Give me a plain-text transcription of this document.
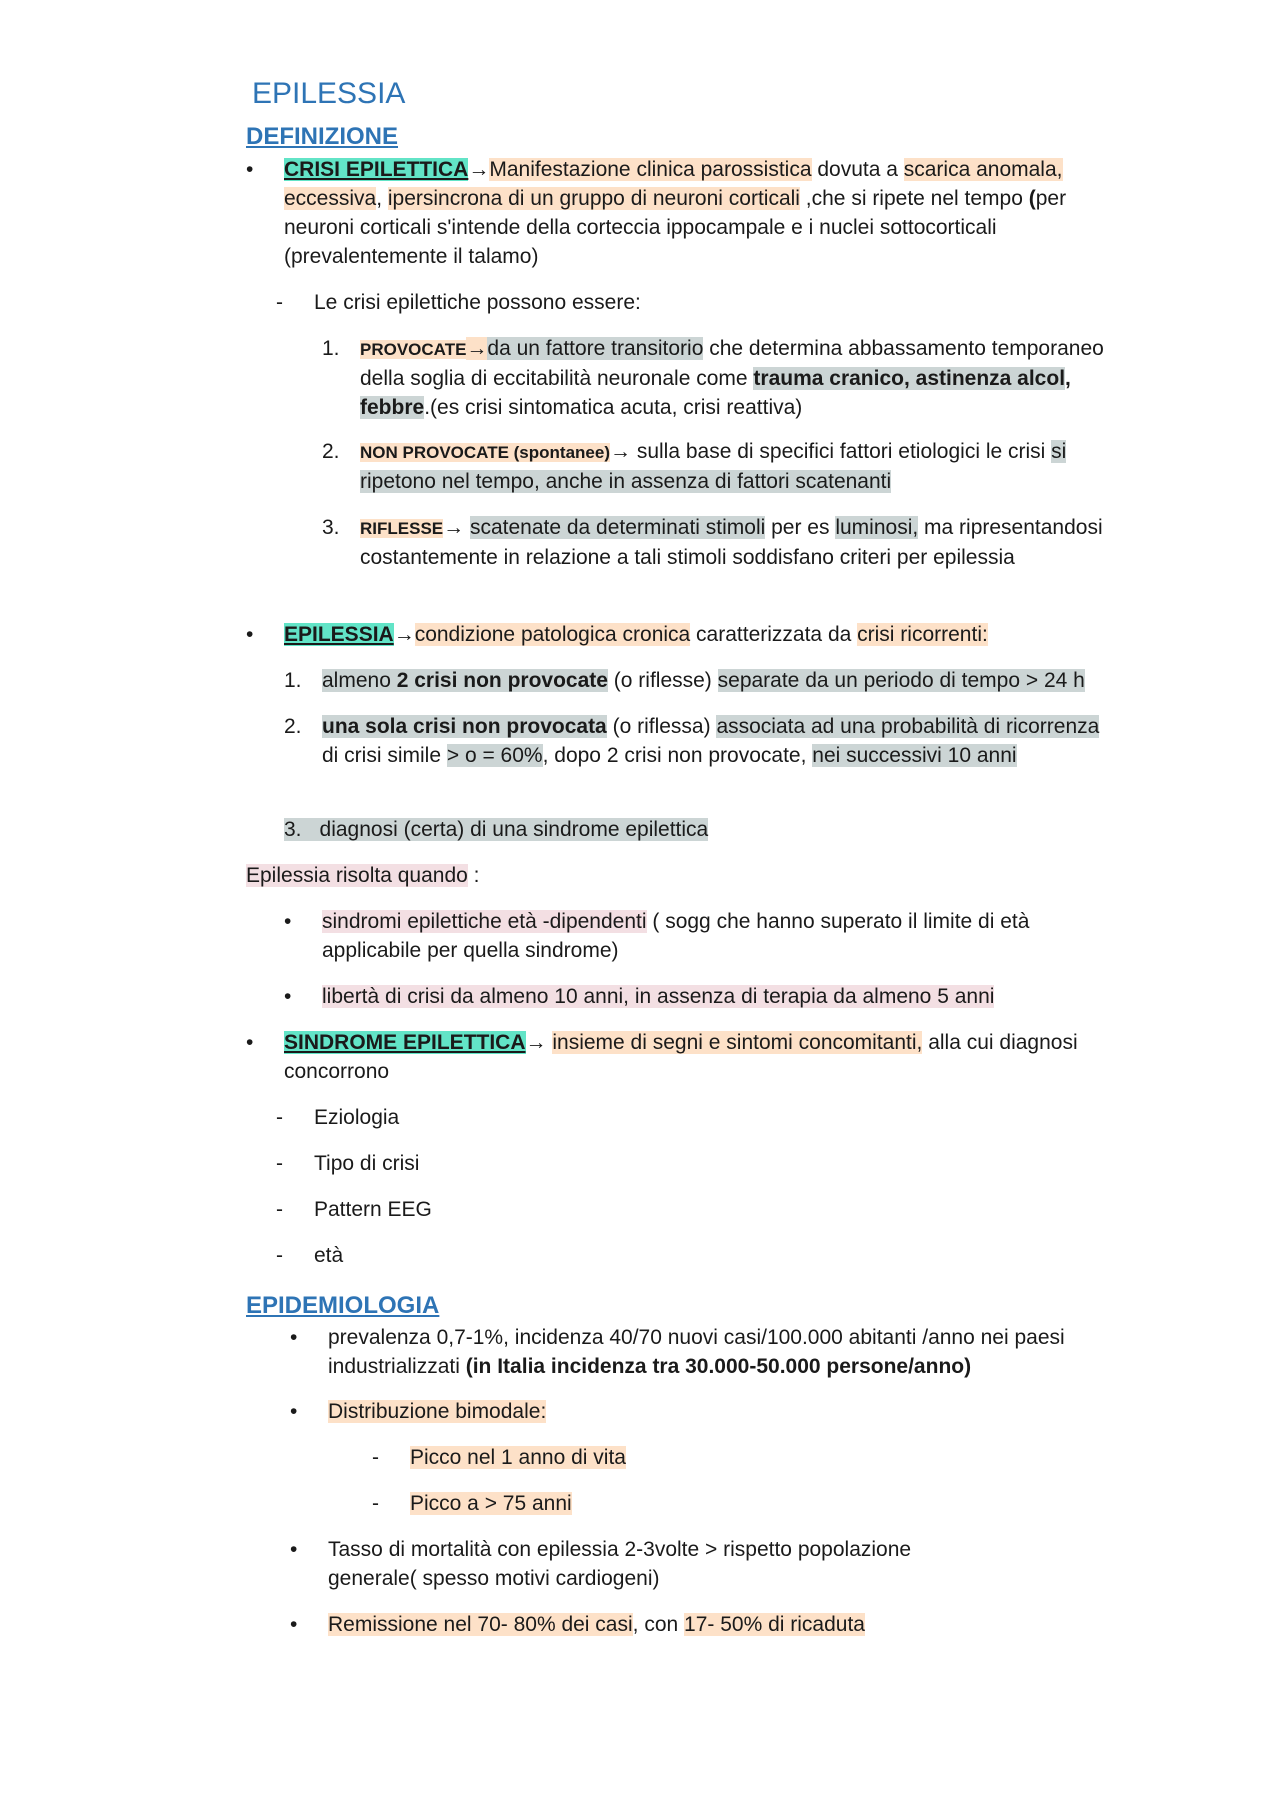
EPILESSIA
DEFINIZIONE
• CRISI EPILETTICA→Manifestazione clinica parossistica dovuta a scarica anomala, eccessiva, ipersincrona di un gruppo di neuroni corticali ,che si ripete nel tempo (per neuroni corticali s'intende della corteccia ippocampale e i nuclei sottocorticali (prevalentemente il talamo)
- Le crisi epilettiche possono essere:
1. PROVOCATE→da un fattore transitorio che determina abbassamento temporaneo della soglia di eccitabilità neuronale come trauma cranico, astinenza alcol, febbre.(es crisi sintomatica acuta, crisi reattiva)
2. NON PROVOCATE (spontanee)→ sulla base di specifici fattori etiologici le crisi si ripetono nel tempo, anche in assenza di fattori scatenanti
3. RIFLESSE→ scatenate da determinati stimoli per es luminosi, ma ripresentandosi costantemente in relazione a tali stimoli soddisfano criteri per epilessia
• EPILESSIA→condizione patologica cronica caratterizzata da crisi ricorrenti:
1. almeno 2 crisi non provocate (o riflesse) separate da un periodo di tempo > 24 h
2. una sola crisi non provocata (o riflessa) associata ad una probabilità di ricorrenza di crisi simile > o = 60%, dopo 2 crisi non provocate, nei successivi 10 anni
3. diagnosi (certa) di una sindrome epilettica
Epilessia risolta quando :
• sindromi epilettiche età -dipendenti ( sogg che hanno superato il limite di età applicabile per quella sindrome)
• libertà di crisi da almeno 10 anni, in assenza di terapia da almeno 5 anni
• SINDROME EPILETTICA→ insieme di segni e sintomi concomitanti, alla cui diagnosi concorrono
- Eziologia
- Tipo di crisi
- Pattern EEG
- età
EPIDEMIOLOGIA
• prevalenza 0,7-1%, incidenza 40/70 nuovi casi/100.000 abitanti /anno nei paesi industrializzati (in Italia incidenza tra 30.000-50.000 persone/anno)
• Distribuzione bimodale:
- Picco nel 1 anno di vita
- Picco a > 75 anni
• Tasso di mortalità con epilessia 2-3volte > rispetto popolazione generale( spesso motivi cardiogeni)
• Remissione nel 70- 80% dei casi, con 17- 50% di ricaduta
